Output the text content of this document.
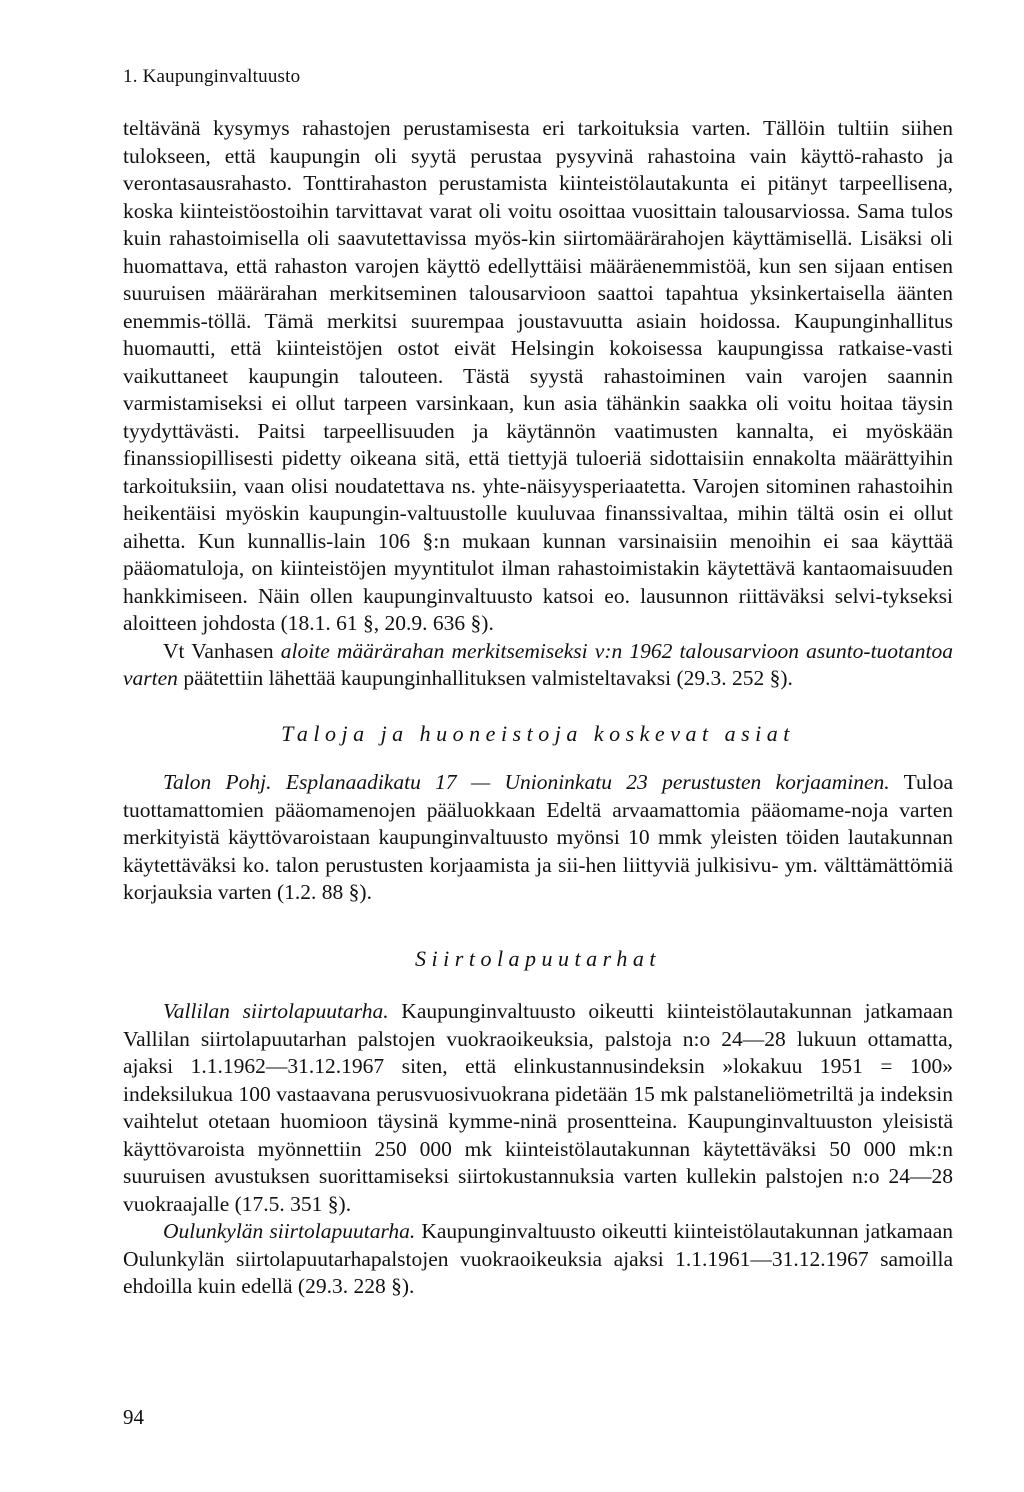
1. Kaupunginvaltuusto

teltävänä kysymys rahastojen perustamisesta eri tarkoituksia varten. Tällöin tultiin siihen tulokseen, että kaupungin oli syytä perustaa pysyvinä rahastoina vain käyttö-rahasto ja verontasausrahasto. Tonttirahaston perustamista kiinteistölautakunta ei pitänyt tarpeellisena, koska kiinteistöostoihin tarvittavat varat oli voitu osoittaa vuosittain talousarviossa. Sama tulos kuin rahastoimisella oli saavutettavissa myös-kin siirtomäärärahojen käyttämisellä. Lisäksi oli huomattava, että rahaston varojen käyttö edellyttäisi määräenemmistöä, kun sen sijaan entisen suuruisen määrärahan merkitseminen talousarvioon saattoi tapahtua yksinkertaisella äänten enemmis-töllä. Tämä merkitsi suurempaa joustavuutta asiain hoidossa. Kaupunginhallitus huomautti, että kiinteistöjen ostot eivät Helsingin kokoisessa kaupungissa ratkaise-vasti vaikuttaneet kaupungin talouteen. Tästä syystä rahastoiminen vain varojen saannin varmistamiseksi ei ollut tarpeen varsinkaan, kun asia tähänkin saakka oli voitu hoitaa täysin tyydyttävästi. Paitsi tarpeellisuuden ja käytännön vaatimusten kannalta, ei myöskään finanssiopillisesti pidetty oikeana sitä, että tiettyjä tuloeriä sidottaisiin ennakolta määrättyihin tarkoituksiin, vaan olisi noudatettava ns. yhte-näisyysperiaatetta. Varojen sitominen rahastoihin heikentäisi myöskin kaupungin-valtuustolle kuuluvaa finanssivaltaa, mihin tältä osin ei ollut aihetta. Kun kunnallis-lain 106 §:n mukaan kunnan varsinaisiin menoihin ei saa käyttää pääomatuloja, on kiinteistöjen myyntitulot ilman rahastoimistakin käytettävä kantaomaisuuden hankkimiseen. Näin ollen kaupunginvaltuusto katsoi eo. lausunnon riittäväksi selvi-tykseksi aloitteen johdosta (18.1. 61 §, 20.9. 636 §).

Vt Vanhasen aloite määrärahan merkitsemiseksi v:n 1962 talousarvioon asunto-tuotantoa varten päätettiin lähettää kaupunginhallituksen valmisteltavaksi (29.3. 252 §).

Taloja ja huoneistoja koskevat asiat

Talon Pohj. Esplanaadikatu 17 — Unioninkatu 23 perustusten korjaaminen. Tuloa tuottamattomien pääomamenojen pääluokkaan Edeltä arvaamattomia pääomame-noja varten merkityistä käyttövaroistaan kaupunginvaltuusto myönsi 10 mmk yleisten töiden lautakunnan käytettäväksi ko. talon perustusten korjaamista ja sii-hen liittyviä julkisivu- ym. välttämättömiä korjauksia varten (1.2. 88 §).

Siirtolapuutarhat

Vallilan siirtolapuutarha. Kaupunginvaltuusto oikeutti kiinteistölautakunnan jatkamaan Vallilan siirtolapuutarhan palstojen vuokraoikeuksia, palstoja n:o 24—28 lukuun ottamatta, ajaksi 1.1.1962—31.12.1967 siten, että elinkustannusindeksin »lokakuu 1951 = 100» indeksilukua 100 vastaavana perusvuosivuokrana pidetään 15 mk palstaneliömetriltä ja indeksin vaihtelut otetaan huomioon täysinä kymme-ninä prosentteina. Kaupunginvaltuuston yleisistä käyttövaroista myönnettiin 250 000 mk kiinteistölautakunnan käytettäväksi 50 000 mk:n suuruisen avustuksen suorittamiseksi siirtokustannuksia varten kullekin palstojen n:o 24—28 vuokraajalle (17.5. 351 §).

Oulunkylän siirtolapuutarha. Kaupunginvaltuusto oikeutti kiinteistölautakunnan jatkamaan Oulunkylän siirtolapuutarhapalstojen vuokraoikeuksia ajaksi 1.1.1961—31.12.1967 samoilla ehdoilla kuin edellä (29.3. 228 §).

94
